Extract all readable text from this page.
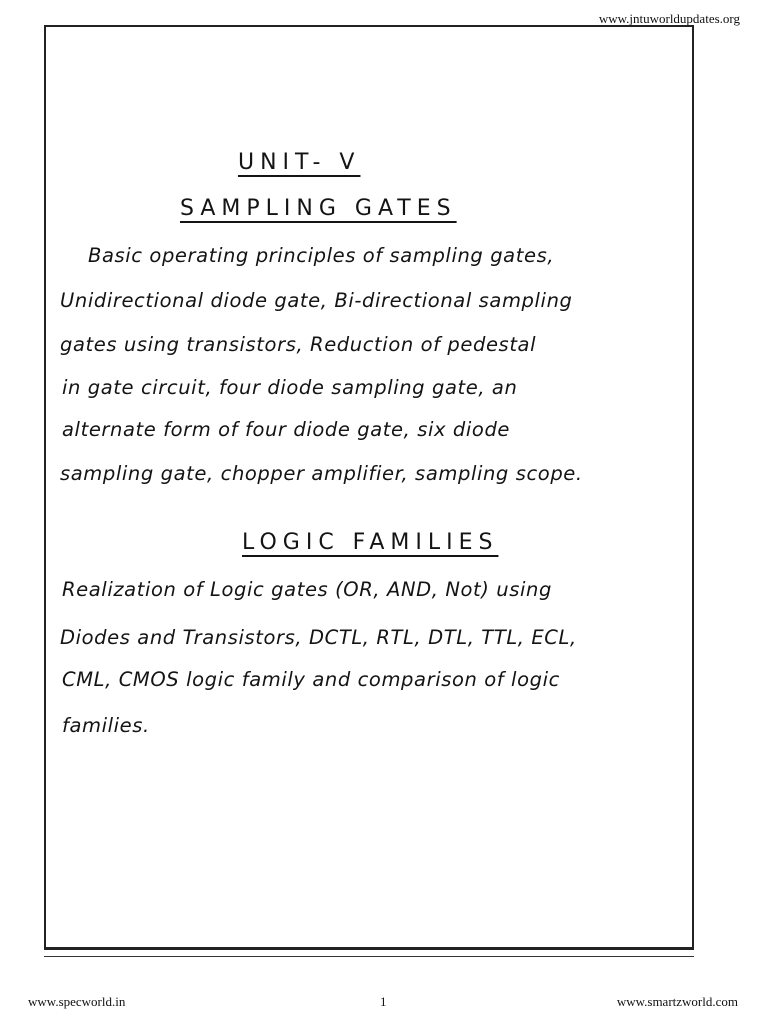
www.jntuworldupdates.org
UNIT- V
SAMPLING GATES
Basic operating principles of sampling gates,
Unidirectional diode gate, Bi-directional sampling
gates using transistors, Reduction of pedestal
in gate circuit, four diode sampling gate, an
alternate form of four diode gate, six diode
sampling gate, chopper amplifier, sampling scope.
LOGIC FAMILIES
Realization of Logic gates (OR, AND, Not) using
Diodes and Transistors, DCTL, RTL, DTL, TTL, ECL,
CML, CMOS logic family and comparison of logic
families.
www.specworld.in	1	www.smartzworld.com
